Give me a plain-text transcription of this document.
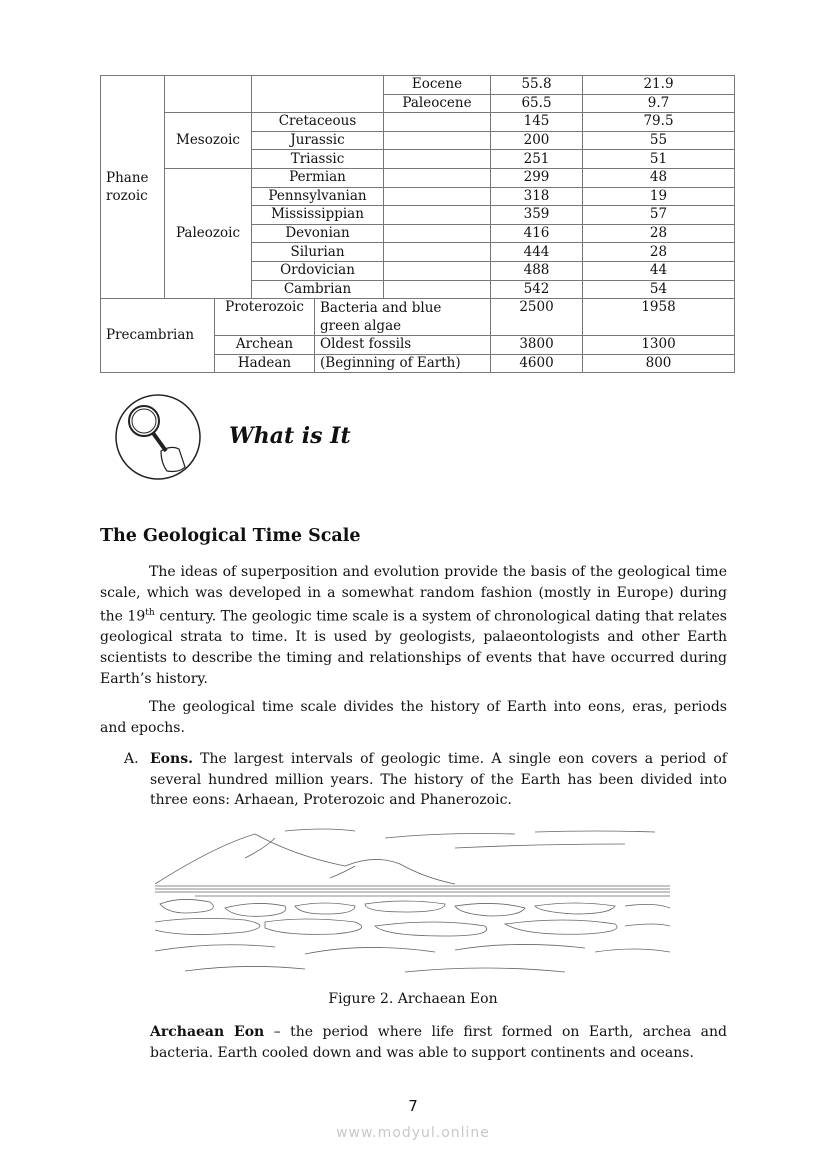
Phane rozoic					Eocene	55.8	21.9
					Paleocene	65.5	9.7
	Mesozoic		Cretaceous			145	79.5
			Jurassic			200	55
			Triassic			251	51
	Paleozoic		Permian			299	48
			Pennsylvanian			318	19
			Mississippian			359	57
			Devonian			416	28
			Silurian			444	28
			Ordovician			488	44
			Cambrian			542	54
Precambrian		Proterozoic		Bacteria and blue green algae		2500	1958
		Archean		Oldest fossils		3800	1300
		Hadean		(Beginning of Earth)		4600	800
What is It
The Geological Time Scale

The ideas of superposition and evolution provide the basis of the geological time scale, which was developed in a somewhat random fashion (mostly in Europe) during the 19th century. The geologic time scale is a system of chronological dating that relates geological strata to time. It is used by geologists, palaeontologists and other Earth scientists to describe the timing and relationships of events that have occurred during Earth’s history.

The geological time scale divides the history of Earth into eons, eras, periods and epochs.

A. Eons. The largest intervals of geologic time. A single eon covers a period of several hundred million years. The history of the Earth has been divided into three eons: Arhaean, Proterozoic and Phanerozoic.
Figure 2. Archaean Eon

Archaean Eon – the period where life first formed on Earth, archea and bacteria. Earth cooled down and was able to support continents and oceans.

7
www.modyul.online
